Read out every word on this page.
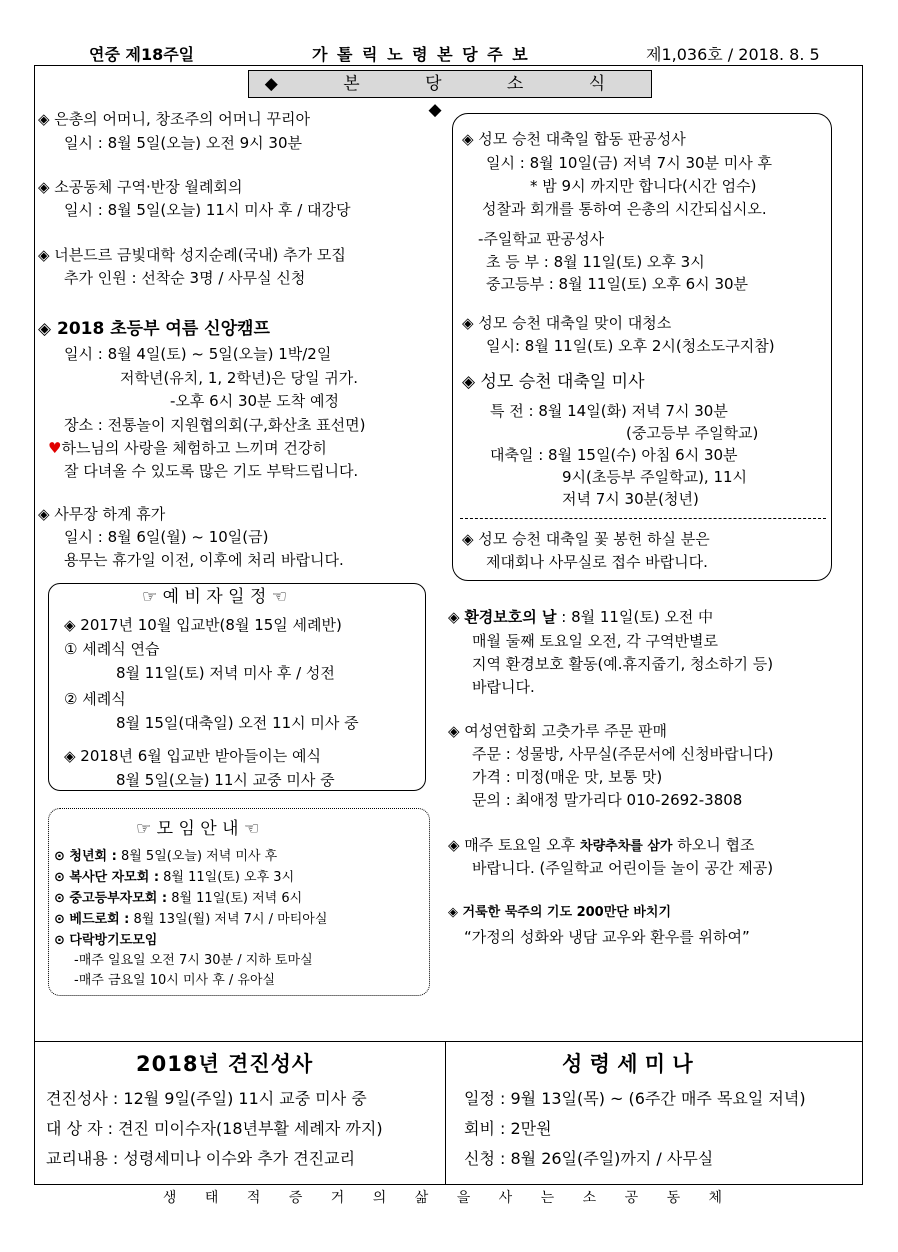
연중 제18주일	가 톨 릭 노 령 본 당 주 보	제1,036호 / 2018. 8. 5
◆ 본 당 소 식 ◆
◈ 은총의 어머니, 창조주의 어머니 꾸리아
일시 : 8월 5일(오늘) 오전 9시 30분
◈ 소공동체 구역·반장 월례회의
일시 : 8월 5일(오늘) 11시 미사 후 / 대강당
◈ 너븐드르 금빛대학 성지순례(국내) 추가 모집
추가 인원 : 선착순 3명 / 사무실 신청
◈ 2018 초등부 여름 신앙캠프
일시 : 8월 4일(토) ~ 5일(오늘) 1박/2일
저학년(유치, 1, 2학년)은 당일 귀가.
-오후 6시 30분 도착 예정
장소 : 전통놀이 지원협의회(구,화산초 표선면)
♥하느님의 사랑을 체험하고 느끼며 건강히
잘 다녀올 수 있도록 많은 기도 부탁드립니다.
◈ 사무장 하계 휴가
일시 : 8월 6일(월) ~ 10일(금)
용무는 휴가일 이전, 이후에 처리 바랍니다.
☞ 예 비 자 일 정 ☜
◈ 2017년 10월 입교반(8월 15일 세례반)
① 세례식 연습
8월 11일(토) 저녁 미사 후 / 성전
② 세례식
8월 15일(대축일) 오전 11시 미사 중
◈ 2018년 6월 입교반 받아들이는 예식
8월 5일(오늘) 11시 교중 미사 중
☞ 모 임 안 내 ☜
⊙ 청년회 : 8월 5일(오늘) 저녁 미사 후
⊙ 복사단 자모회 : 8월 11일(토) 오후 3시
⊙ 중고등부자모회 : 8월 11일(토) 저녁 6시
⊙ 베드로회 : 8월 13일(월) 저녁 7시 / 마티아실
⊙ 다락방기도모임
-매주 일요일 오전 7시 30분 / 지하 토마실
-매주 금요일 10시 미사 후 / 유아실
◈ 성모 승천 대축일 합동 판공성사
일시 : 8월 10일(금) 저녁 7시 30분 미사 후
* 밤 9시 까지만 합니다(시간 엄수)
성찰과 회개를 통하여 은총의 시간되십시오.
-주일학교 판공성사
초 등 부 : 8월 11일(토) 오후 3시
중고등부 : 8월 11일(토) 오후 6시 30분
◈ 성모 승천 대축일 맞이 대청소
일시: 8월 11일(토) 오후 2시(청소도구지참)
◈ 성모 승천 대축일 미사
특 전 : 8월 14일(화) 저녁 7시 30분
(중고등부 주일학교)
대축일 : 8월 15일(수) 아침 6시 30분
9시(초등부 주일학교), 11시
저녁 7시 30분(청년)
◈ 성모 승천 대축일 꽃 봉헌 하실 분은
제대회나 사무실로 접수 바랍니다.
◈ 환경보호의 날 : 8월 11일(토) 오전 中
매월 둘째 토요일 오전, 각 구역반별로
지역 환경보호 활동(예.휴지줍기, 청소하기 등)
바랍니다.
◈ 여성연합회 고춧가루 주문 판매
주문 : 성물방, 사무실(주문서에 신청바랍니다)
가격 : 미정(매운 맛, 보통 맛)
문의 : 최애정 말가리다 010-2692-3808
◈ 매주 토요일 오후 차량추차를 삼가 하오니 협조
바랍니다. (주일학교 어린이들 놀이 공간 제공)
◈ 거룩한 묵주의 기도 200만단 바치기
“가정의 성화와 냉담 교우와 환우를 위하여”
2018년 견진성사
견진성사 : 12월 9일(주일) 11시 교중 미사 중
대 상 자 : 견진 미이수자(18년부활 세례자 까지)
교리내용 : 성령세미나 이수와 추가 견진교리
성 령 세 미 나
일정 : 9월 13일(목) ~ (6주간 매주 목요일 저녁)
회비 : 2만원
신청 : 8월 26일(주일)까지 / 사무실
생 태 적 증 거 의 삶 을 사 는 소 공 동 체
